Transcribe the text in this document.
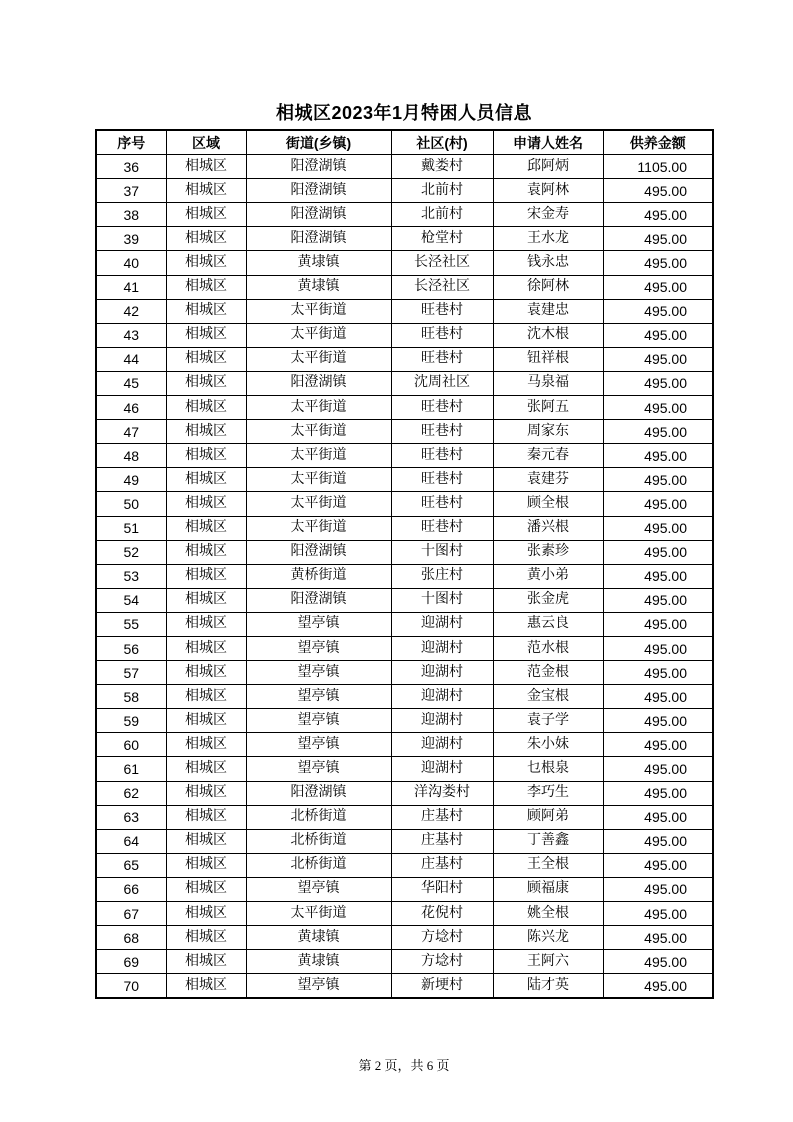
相城区2023年1月特困人员信息
序号	区域	街道(乡镇)	社区(村)	申请人姓名	供养金额
36	相城区	阳澄湖镇	戴娄村	邱阿炳	1105.00
37	相城区	阳澄湖镇	北前村	袁阿林	495.00
38	相城区	阳澄湖镇	北前村	宋金寿	495.00
39	相城区	阳澄湖镇	枪堂村	王水龙	495.00
40	相城区	黄埭镇	长泾社区	钱永忠	495.00
41	相城区	黄埭镇	长泾社区	徐阿林	495.00
42	相城区	太平街道	旺巷村	袁建忠	495.00
43	相城区	太平街道	旺巷村	沈木根	495.00
44	相城区	太平街道	旺巷村	钮祥根	495.00
45	相城区	阳澄湖镇	沈周社区	马泉福	495.00
46	相城区	太平街道	旺巷村	张阿五	495.00
47	相城区	太平街道	旺巷村	周家东	495.00
48	相城区	太平街道	旺巷村	秦元春	495.00
49	相城区	太平街道	旺巷村	袁建芬	495.00
50	相城区	太平街道	旺巷村	顾全根	495.00
51	相城区	太平街道	旺巷村	潘兴根	495.00
52	相城区	阳澄湖镇	十图村	张素珍	495.00
53	相城区	黄桥街道	张庄村	黄小弟	495.00
54	相城区	阳澄湖镇	十图村	张金虎	495.00
55	相城区	望亭镇	迎湖村	惠云良	495.00
56	相城区	望亭镇	迎湖村	范水根	495.00
57	相城区	望亭镇	迎湖村	范金根	495.00
58	相城区	望亭镇	迎湖村	金宝根	495.00
59	相城区	望亭镇	迎湖村	袁子学	495.00
60	相城区	望亭镇	迎湖村	朱小妹	495.00
61	相城区	望亭镇	迎湖村	乜根泉	495.00
62	相城区	阳澄湖镇	洋沟娄村	李巧生	495.00
63	相城区	北桥街道	庄基村	顾阿弟	495.00
64	相城区	北桥街道	庄基村	丁善鑫	495.00
65	相城区	北桥街道	庄基村	王全根	495.00
66	相城区	望亭镇	华阳村	顾福康	495.00
67	相城区	太平街道	花倪村	姚全根	495.00
68	相城区	黄埭镇	方埝村	陈兴龙	495.00
69	相城区	黄埭镇	方埝村	王阿六	495.00
70	相城区	望亭镇	新埂村	陆才英	495.00
第 2 页，共 6 页
